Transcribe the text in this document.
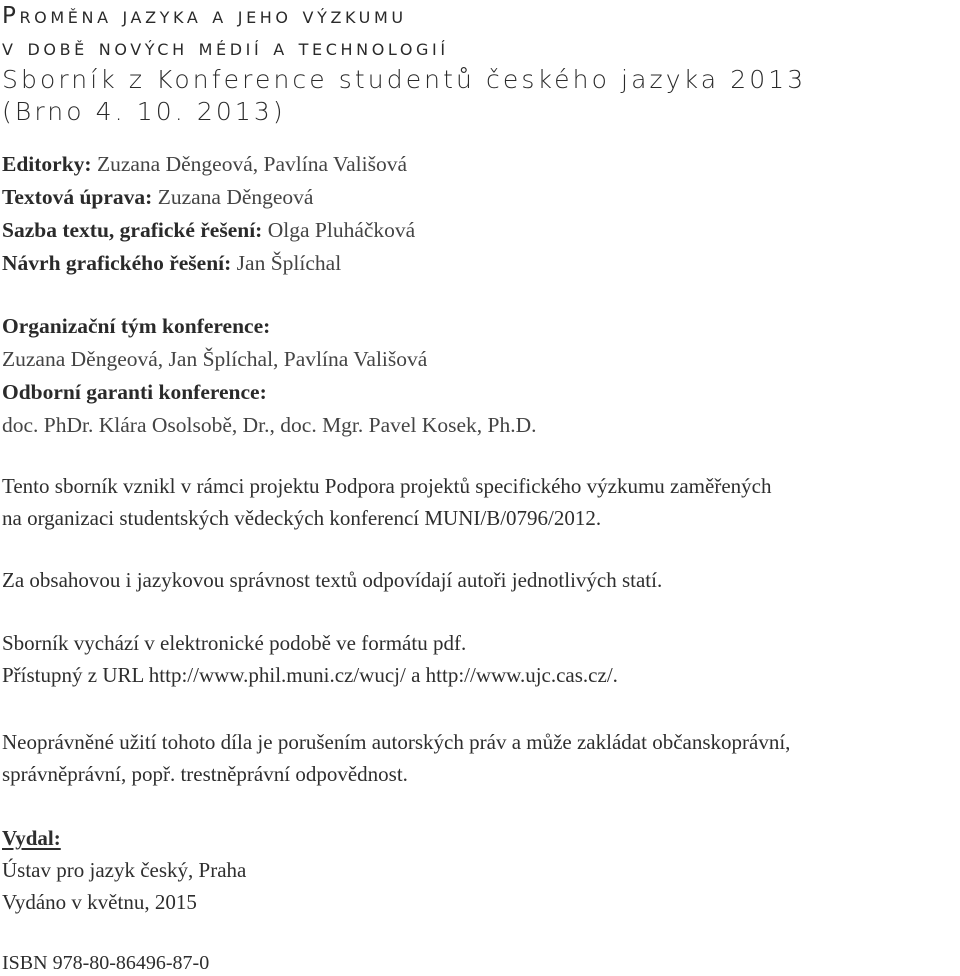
Proměna jazyka a jeho výzkumu
v době nových médií a technologií
Sborník z Konference studentů českého jazyka 2013
(Brno 4. 10. 2013)
Editorky: Zuzana Děngeová, Pavlína Vališová
Textová úprava: Zuzana Děngeová
Sazba textu, grafické řešení: Olga Pluháčková
Návrh grafického řešení: Jan Šplíchal
Organizační tým konference:
Zuzana Děngeová, Jan Šplíchal, Pavlína Vališová
Odborní garanti konference:
doc. PhDr. Klára Osolsobě, Dr., doc. Mgr. Pavel Kosek, Ph.D.
Tento sborník vznikl v rámci projektu Podpora projektů specifického výzkumu zaměřených
na organizaci studentských vědeckých konferencí MUNI/B/0796/2012.
Za obsahovou i jazykovou správnost textů odpovídají autoři jednotlivých statí.
Sborník vychází v elektronické podobě ve formátu pdf.
Přístupný z URL http://www.phil.muni.cz/wucj/ a http://www.ujc.cas.cz/.
Neoprávněné užití tohoto díla je porušením autorských práv a může zakládat občanskoprávní,
správněprávní, popř. trestněprávní odpovědnost.
Vydal:
Ústav pro jazyk český, Praha
Vydáno v květnu, 2015
ISBN 978-80-86496-87-0
